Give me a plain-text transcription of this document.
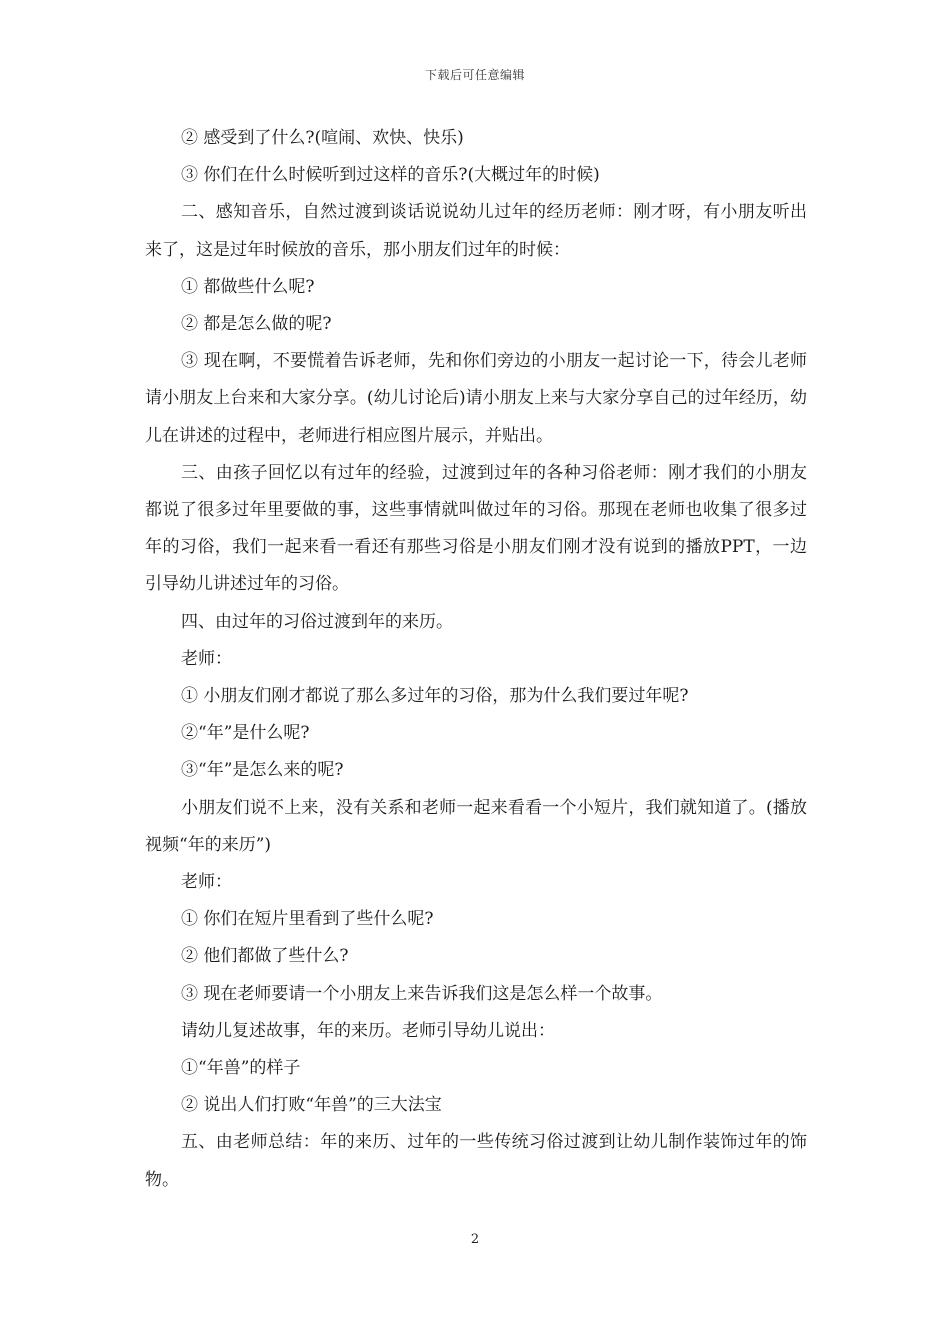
下载后可任意编辑

② 感受到了什么?(喧闹、欢快、快乐)

③ 你们在什么时候听到过这样的音乐?(大概过年的时候)

二、感知音乐，自然过渡到谈话说说幼儿过年的经历老师：刚才呀，有小朋友听出来了，这是过年时候放的音乐，那小朋友们过年的时候：

① 都做些什么呢?

② 都是怎么做的呢?

③ 现在啊，不要慌着告诉老师，先和你们旁边的小朋友一起讨论一下，待会儿老师请小朋友上台来和大家分享。(幼儿讨论后)请小朋友上来与大家分享自己的过年经历，幼儿在讲述的过程中，老师进行相应图片展示，并贴出。

三、由孩子回忆以有过年的经验，过渡到过年的各种习俗老师：刚才我们的小朋友都说了很多过年里要做的事，这些事情就叫做过年的习俗。那现在老师也收集了很多过年的习俗，我们一起来看一看还有那些习俗是小朋友们刚才没有说到的播放PPT，一边引导幼儿讲述过年的习俗。

四、由过年的习俗过渡到年的来历。

老师：

① 小朋友们刚才都说了那么多过年的习俗，那为什么我们要过年呢?

②“年”是什么呢?

③“年”是怎么来的呢?

小朋友们说不上来，没有关系和老师一起来看看一个小短片，我们就知道了。(播放视频“年的来历”)

老师：

① 你们在短片里看到了些什么呢?

② 他们都做了些什么?

③ 现在老师要请一个小朋友上来告诉我们这是怎么样一个故事。

请幼儿复述故事，年的来历。老师引导幼儿说出：

①“年兽”的样子

② 说出人们打败“年兽”的三大法宝

五、由老师总结：年的来历、过年的一些传统习俗过渡到让幼儿制作装饰过年的饰物。

2
